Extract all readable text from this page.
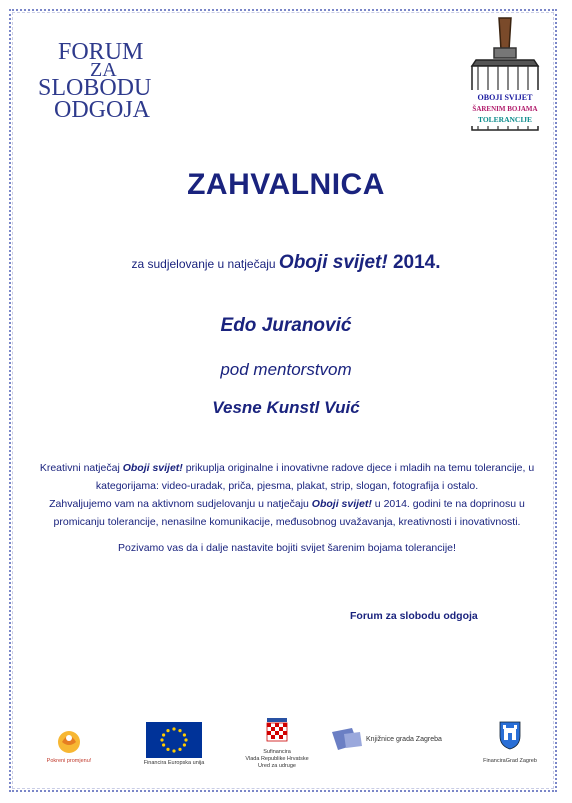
FORUM
ZA
SLOBODU
ODGOJA	OBOJI SVIJET
ŠARENIM BOJAMA
TOLERANCIJE
ZAHVALNICA
za sudjelovanje u natječaju Oboji svijet! 2014.
Edo Juranović
pod mentorstvom
Vesne Kunstl Vuić
Kreativni natječaj Oboji svijet! prikuplja originalne i inovativne radove djece i mladih na temu tolerancije, u kategorijama: video-uradak, priča, pjesma, plakat, strip, slogan, fotografija i ostalo.
Zahvaljujemo vam na aktivnom sudjelovanju u natječaju Oboji svijet! u 2014. godini te na doprinosu u promicanju tolerancije, nenasilne komunikacije, međusobnog uvažavanja, kreativnosti i inovativnosti.
Pozivamo vas da i dalje nastavite bojiti svijet šarenim bojama tolerancije!
Forum za slobodu odgoja
Pokreni promjenu!	Financira Europska unija
Sufinancira
Vlada Republike Hrvatske
Ured za udruge
Knjižnice grada Zagreba
FinanciraGrad Zagreb
